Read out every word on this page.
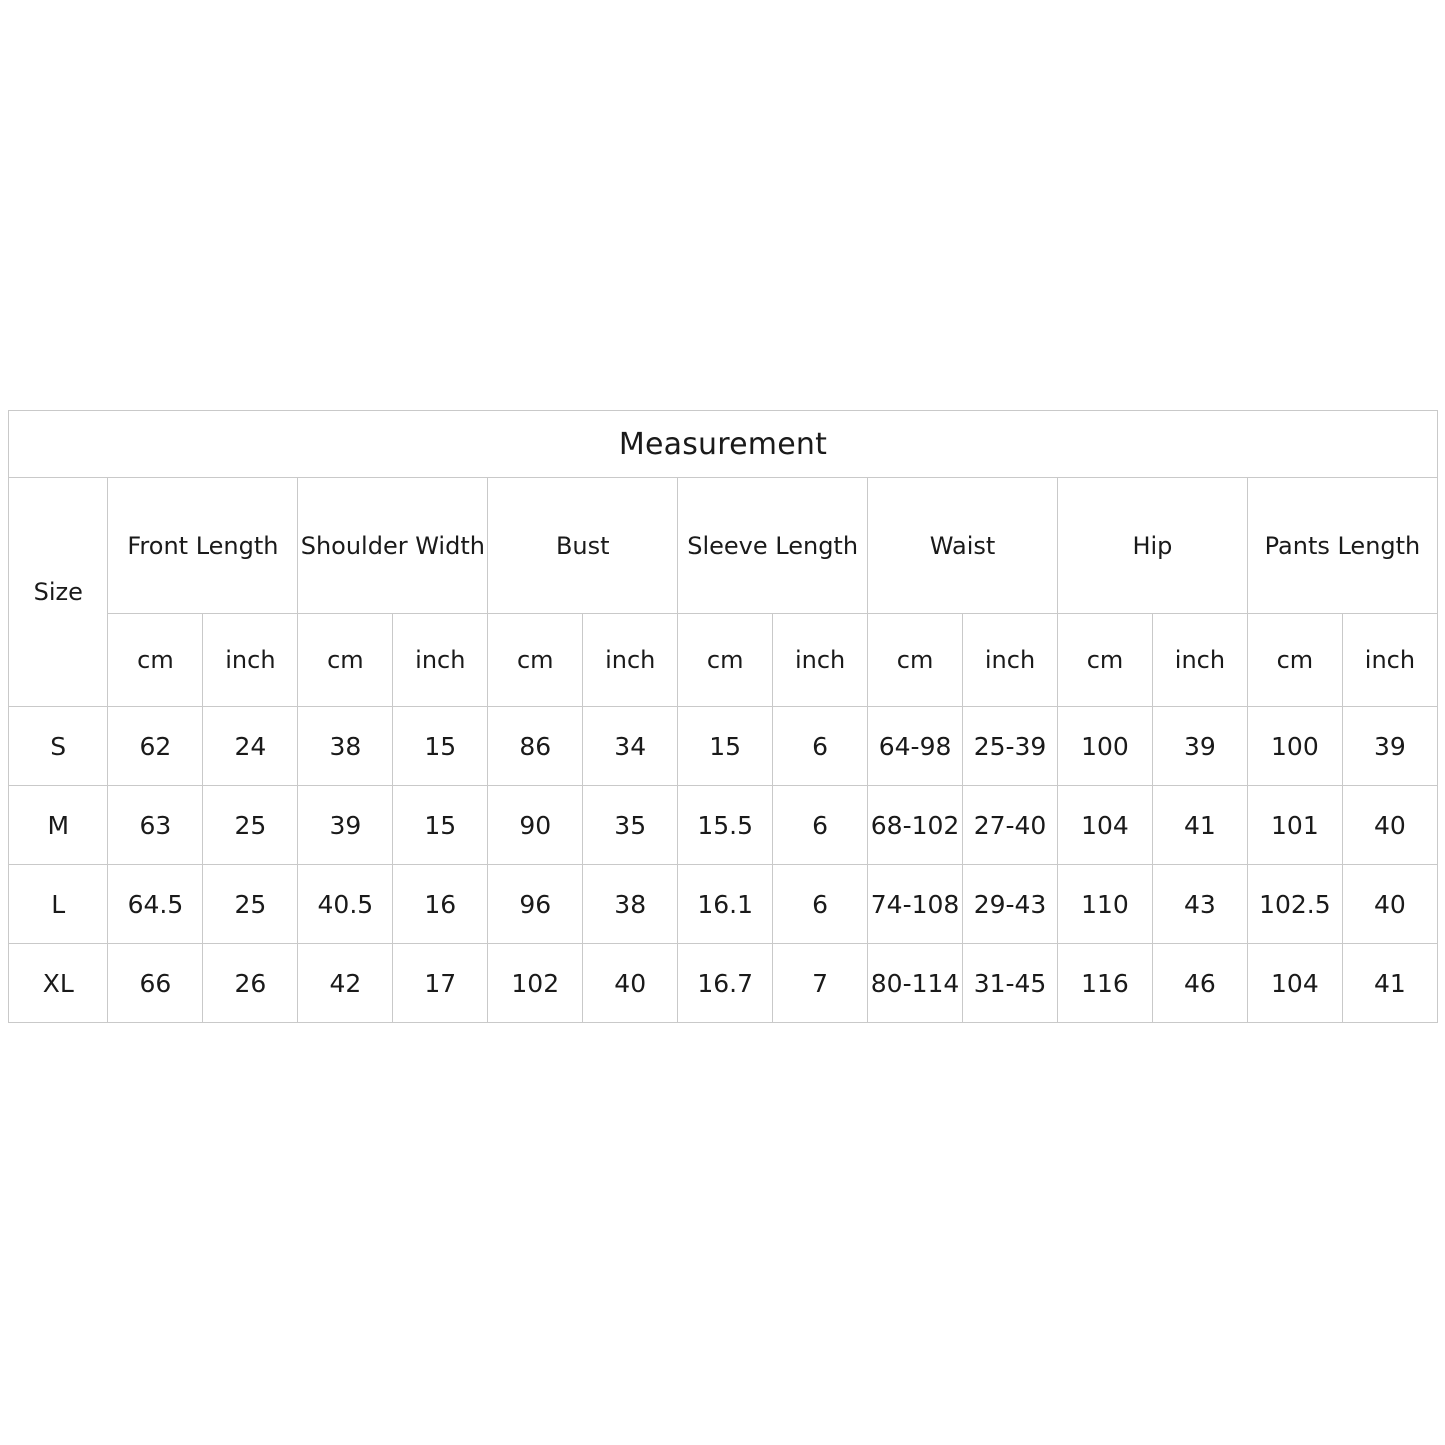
Measurement														
Size	Front Length		Shoulder Width		Bust		Sleeve Length		Waist		Hip		Pants Length	
	cm	inch	cm	inch	cm	inch	cm	inch	cm	inch	cm	inch	cm	inch
S	62	24	38	15	86	34	15	6	64-98	25-39	100	39	100	39
M	63	25	39	15	90	35	15.5	6	68-102	27-40	104	41	101	40
L	64.5	25	40.5	16	96	38	16.1	6	74-108	29-43	110	43	102.5	40
XL	66	26	42	17	102	40	16.7	7	80-114	31-45	116	46	104	41
